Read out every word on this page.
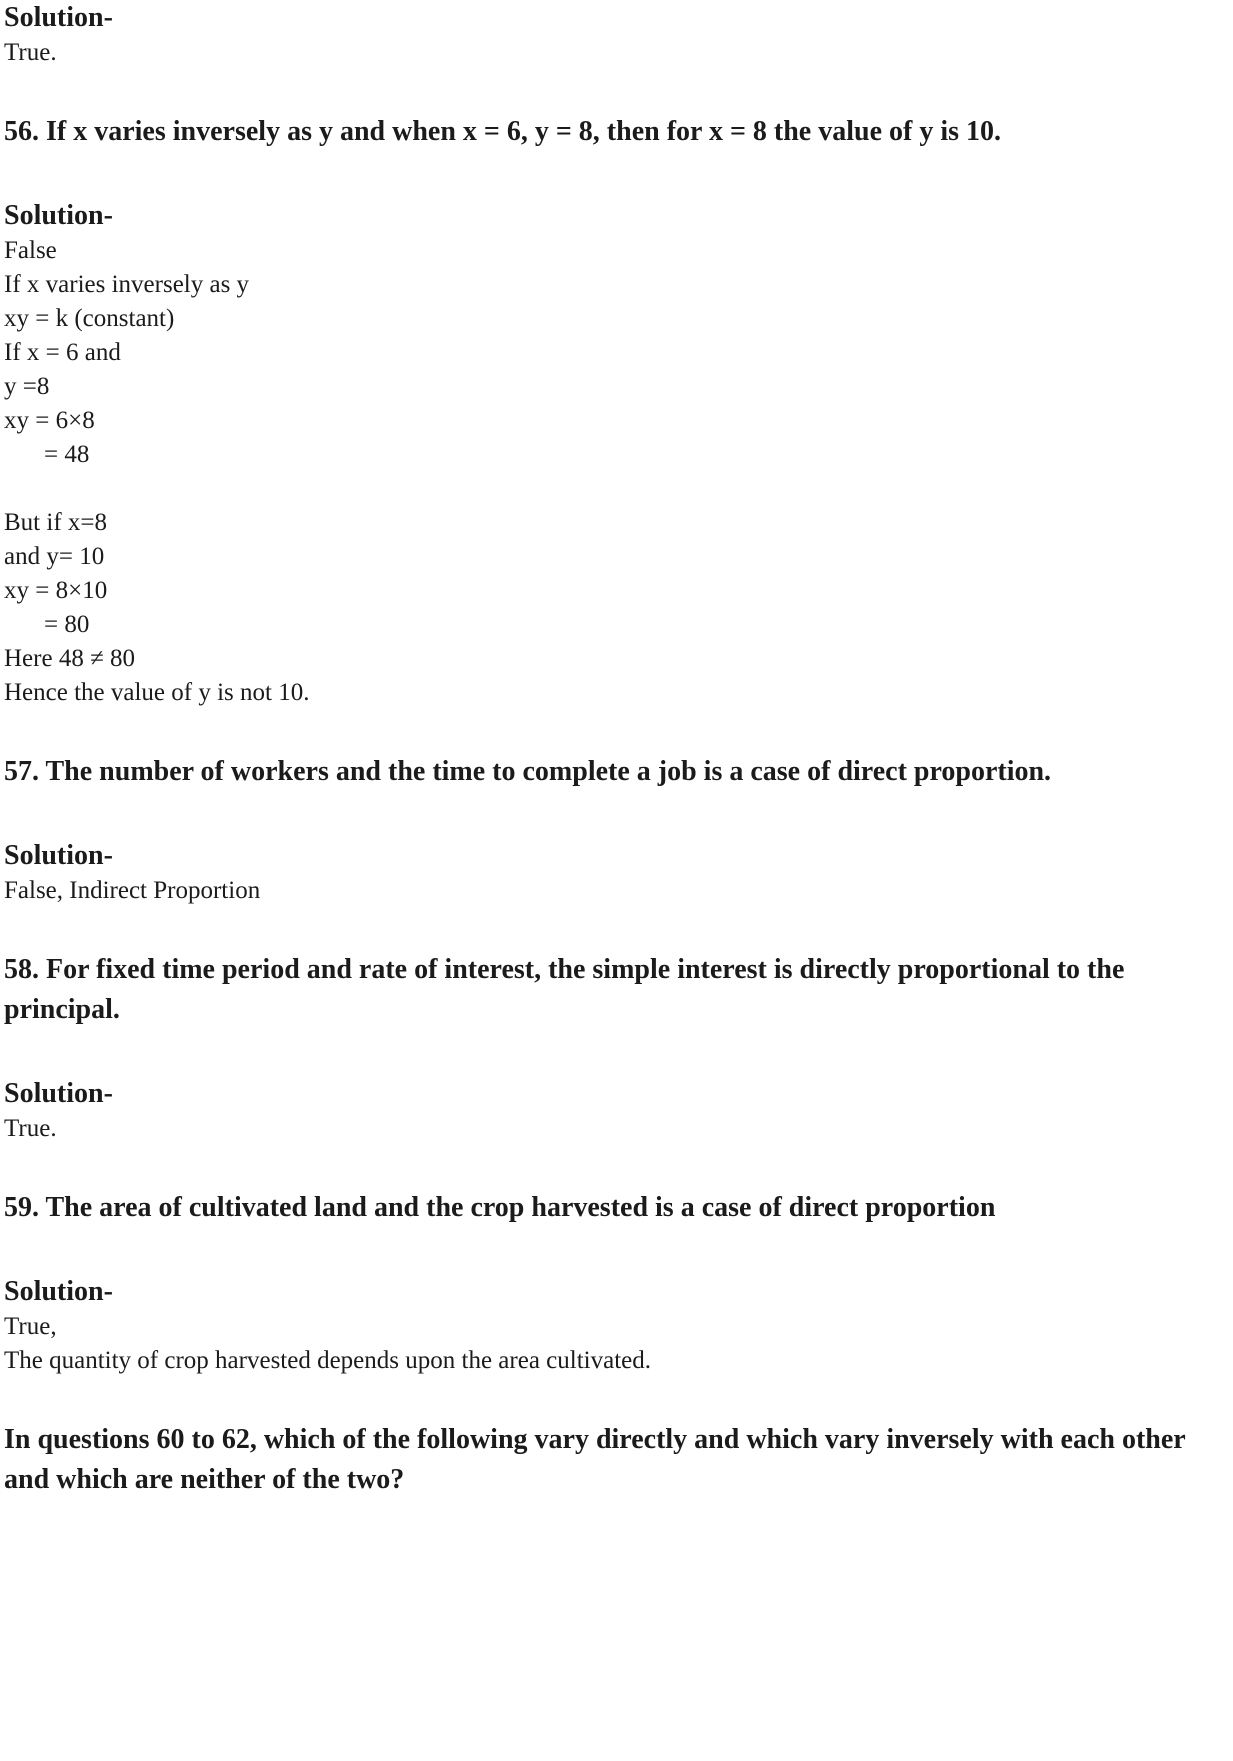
Solution-

True.

56. If x varies inversely as y and when x = 6, y = 8, then for x = 8 the value of y is 10.
Solution-

False

If x varies inversely as y

xy = k (constant)

If x = 6 and

y =8

xy = 6×8

= 48

But if x=8

and y= 10

xy = 8×10

= 80

Here 48 ≠ 80

Hence the value of y is not 10.

57. The number of workers and the time to complete a job is a case of direct proportion.
Solution-

False, Indirect Proportion

58. For fixed time period and rate of interest, the simple interest is directly proportional to the principal.
Solution-

True.

59. The area of cultivated land and the crop harvested is a case of direct proportion
Solution-

True,

The quantity of crop harvested depends upon the area cultivated.

In questions 60 to 62, which of the following vary directly and which vary inversely with each other and which are neither of the two?
